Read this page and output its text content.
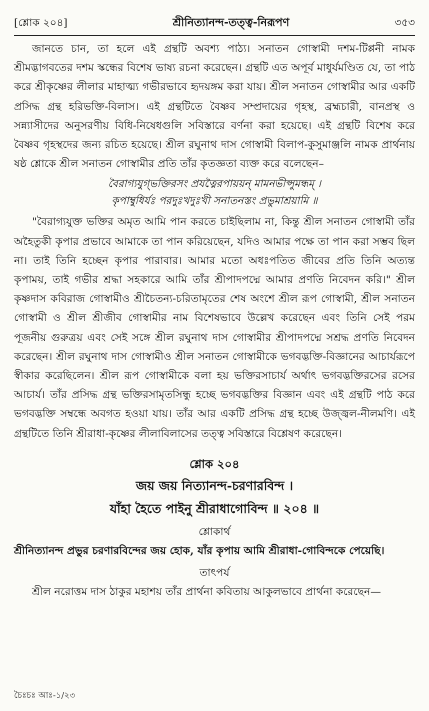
[শ্লোক ২০৪]	শ্রীনিত্যানন্দ-তত্ত্ব-নিরূপণ	৩৫৩

জানতে চান, তা হলে এই গ্রন্থটি অবশ্য পাঠ্য। সনাতন গোস্বামী দশম-টিপ্পনী নামক শ্রীমদ্ভাগবতের দশম স্কন্ধের বিশেষ ভাষ্য রচনা করেছেন। গ্রন্থটি এত অপূর্ব মাধুর্যমণ্ডিত যে, তা পাঠ করে শ্রীকৃষ্ণের লীলার মাহাত্ম্য গভীরভাবে হৃদয়ঙ্গম করা যায়। শ্রীল সনাতন গোস্বামীর আর একটি প্রসিদ্ধ গ্রন্থ হরিভক্তি-বিলাস। এই গ্রন্থটিতে বৈষ্ণব সম্প্রদায়ের গৃহস্থ, ব্রহ্মচারী, বানপ্রস্থ ও সন্ন্যাসীদের অনুসরণীয় বিধি-নিষেধগুলি সবিস্তারে বর্ণনা করা হয়েছে। এই গ্রন্থটি বিশেষ করে বৈষ্ণব গৃহস্থদের জন্য রচিত হয়েছে। শ্রীল রঘুনাথ দাস গোস্বামী বিলাপ-কুসুমাঞ্জলি নামক প্রার্থনায় ষষ্ঠ শ্লোকে শ্রীল সনাতন গোস্বামীর প্রতি তাঁর কৃতজ্ঞতা ব্যক্ত করে বলেছেন–

বৈরাগ্যযুগ্‌ভক্তিরসং প্রযত্নৈরপায়য়ন্‌ মামনভীপ্সুমন্ধম্‌ ।
কৃপাম্বুধির্যঃ পরদুঃখদুঃখী সনাতনস্তং প্রভুমাশ্রয়ামি ॥

"বৈরাগ্যযুক্ত ভক্তির অমৃত আমি পান করতে চাইছিলাম না, কিন্তু শ্রীল সনাতন গোস্বামী তাঁর অহৈতুকী কৃপার প্রভাবে আমাকে তা পান করিয়েছেন, যদিও আমার পক্ষে তা পান করা সম্ভব ছিল না। তাই তিনি হচ্ছেন কৃপার পারাবার। আমার মতো অধঃপতিত জীবের প্রতি তিনি অত্যন্ত কৃপাময়, তাই গভীর শ্রদ্ধা সহকারে আমি তাঁর শ্রীপাদপদ্মে আমার প্রণতি নিবেদন করি।" শ্রীল কৃষ্ণদাস কবিরাজ গোস্বামীও শ্রীচৈতন্য-চরিতামৃতের শেষ অংশে শ্রীল রূপ গোস্বামী, শ্রীল সনাতন গোস্বামী ও শ্রীল শ্রীজীব গোস্বামীর নাম বিশেষভাবে উল্লেখ করেছেন এবং তিনি সেই পরম পূজনীয় গুরুত্রয় এবং সেই সঙ্গে শ্রীল রঘুনাথ দাস গোস্বামীর শ্রীপাদপদ্মে সশ্রদ্ধ প্রণতি নিবেদন করেছেন। শ্রীল রঘুনাথ দাস গোস্বামীও শ্রীল সনাতন গোস্বামীকে ভগবদ্ভক্তি-বিজ্ঞানের আচার্যরূপে স্বীকার করেছিলেন। শ্রীল রূপ গোস্বামীকে বলা হয় ভক্তিরসাচার্য অর্থাৎ ভগবদ্ভক্তিরসের রসের আচার্য। তাঁর প্রসিদ্ধ গ্রন্থ ভক্তিরসামৃতসিন্ধু হচ্ছে ভগবদ্ভক্তির বিজ্ঞান এবং এই গ্রন্থটি পাঠ করে ভগবদ্ভক্তি সম্বন্ধে অবগত হওয়া যায়। তাঁর আর একটি প্রসিদ্ধ গ্রন্থ হচ্ছে উজ্জ্বল-নীলমণি। এই গ্রন্থটিতে তিনি শ্রীরাধা-কৃষ্ণের লীলাবিলাসের তত্ত্ব সবিস্তারে বিশ্লেষণ করেছেন।

শ্লোক ২০৪
জয় জয় নিত্যানন্দ-চরণারবিন্দ ।
যাঁহা হৈতে পাইনু শ্রীরাধাগোবিন্দ ॥ ২০৪ ॥
শ্লোকার্থ

শ্রীনিত্যানন্দ প্রভুর চরণারবিন্দের জয় হোক, যাঁর কৃপায় আমি শ্রীরাধা-গোবিন্দকে পেয়েছি।

তাৎপর্য

শ্রীল নরোত্তম দাস ঠাকুর মহাশয় তাঁর প্রার্থনা কবিতায় আকুলভাবে প্রার্থনা করেছেন—

চৈঃচঃ আঃ-১/২৩
